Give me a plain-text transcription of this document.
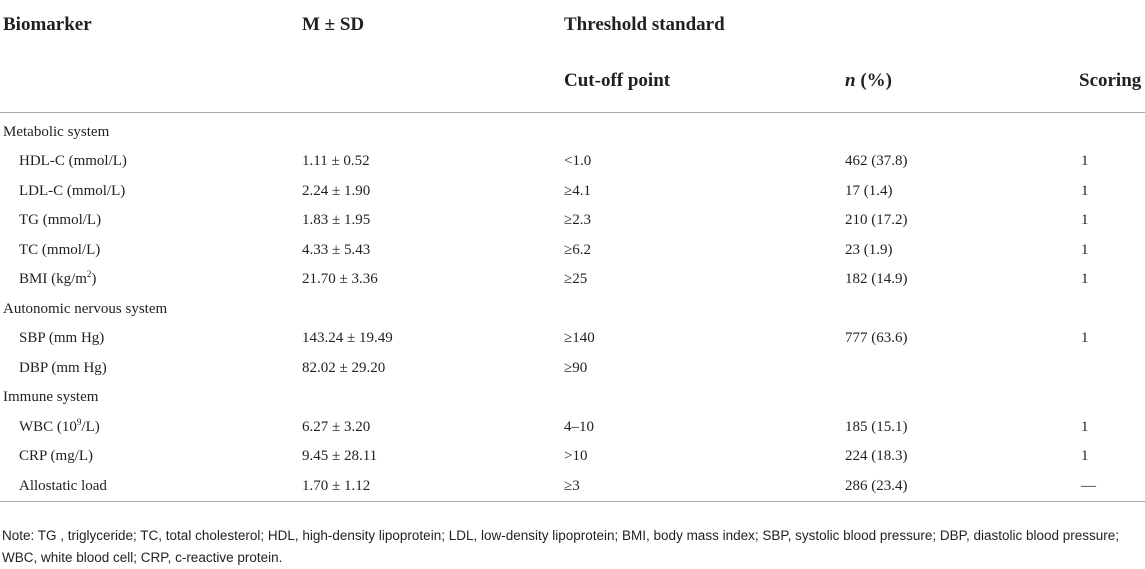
Biomarker	M ± SD	Threshold standard		
		Cut-off point	n (%)	Scoring
Metabolic system				
HDL-C (mmol/L)	1.11 ± 0.52	<1.0	462 (37.8)	1
LDL-C (mmol/L)	2.24 ± 1.90	≥4.1	17 (1.4)	1
TG (mmol/L)	1.83 ± 1.95	≥2.3	210 (17.2)	1
TC (mmol/L)	4.33 ± 5.43	≥6.2	23 (1.9)	1
BMI $(kg/m^2)$	21.70 ± 3.36	≥25	182 (14.9)	1
Autonomic nervous system				
SBP (mm Hg)	143.24 ± 19.49	≥140	777 (63.6)	1
DBP (mm Hg)	82.02 ± 29.20	≥90		
Immune system				
WBC $(10^9/L)$	6.27 ± 3.20	4–10	185 (15.1)	1
CRP (mg/L)	9.45 ± 28.11	>10	224 (18.3)	1
Allostatic load	1.70 ± 1.12	≥3	286 (23.4)	—
Note: TG , triglyceride; TC, total cholesterol; HDL, high-density lipoprotein; LDL, low-density lipoprotein; BMI, body mass index; SBP, systolic blood pressure; DBP, diastolic blood pressure; WBC, white blood cell; CRP, c-reactive protein.
